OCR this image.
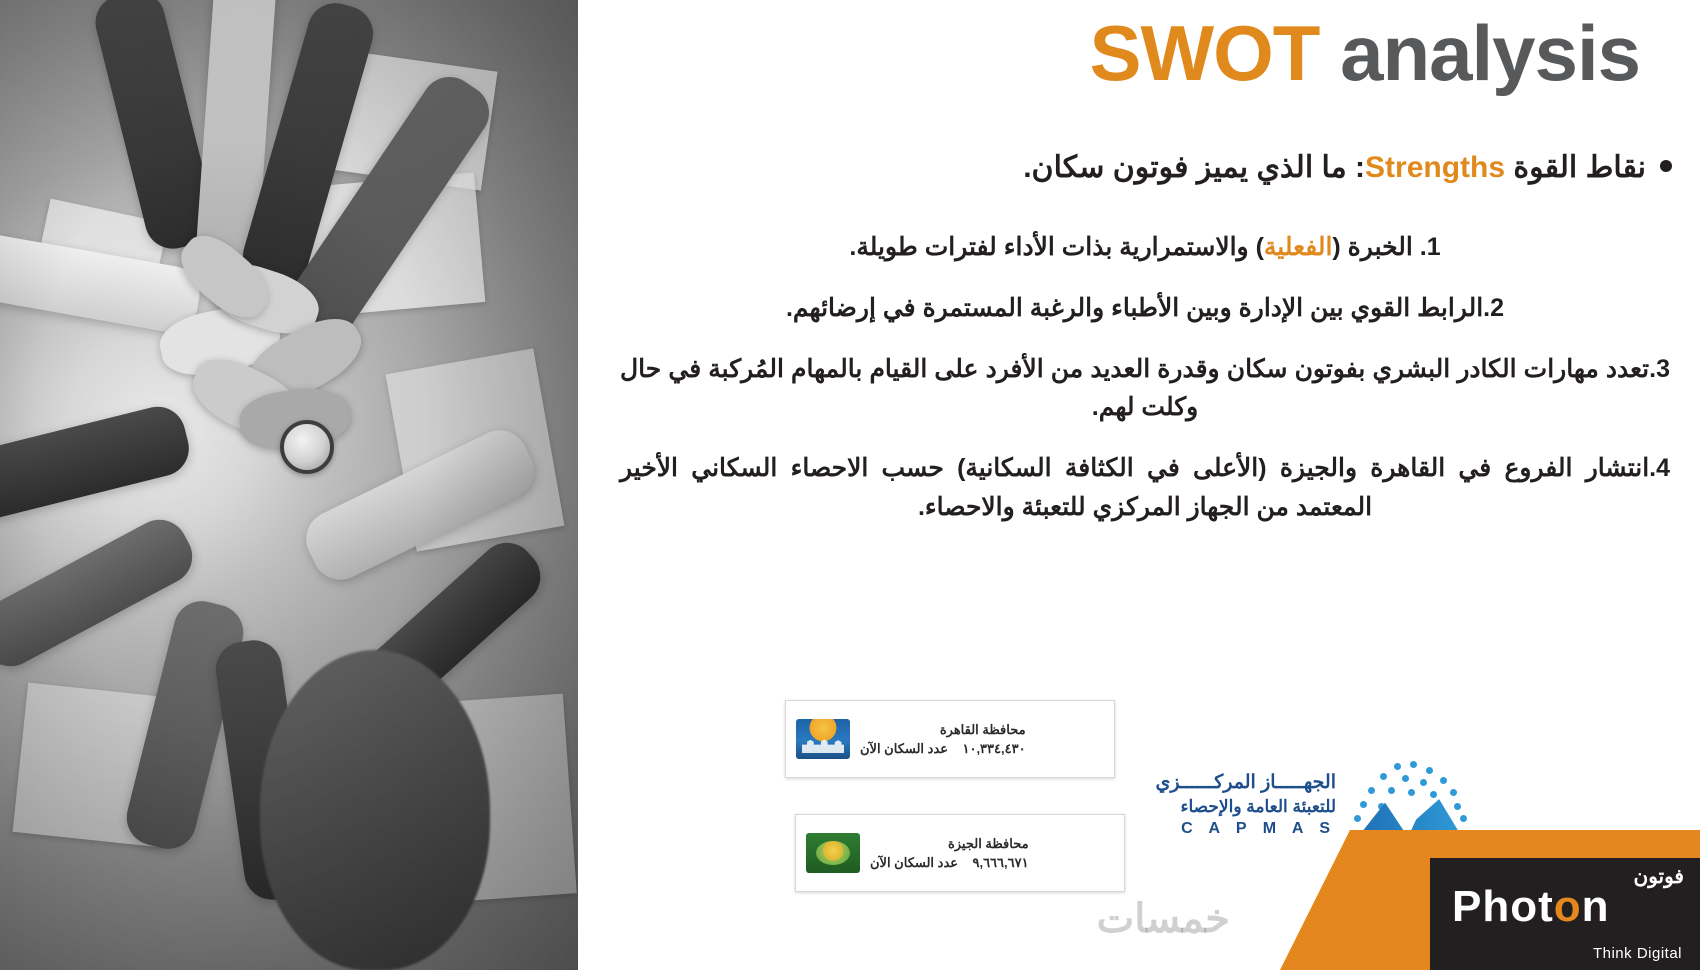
SWOT analysis
نقاط القوة Strengths: ما الذي يميز فوتون سكان.
1. الخبرة (الفعلية) والاستمرارية بذات الأداء لفترات طويلة.
2.الرابط القوي بين الإدارة وبين الأطباء والرغبة المستمرة في إرضائهم.
3.تعدد مهارات الكادر البشري بفوتون سكان وقدرة العديد من الأفرد على القيام بالمهام المُركبة في حال وكلت لهم.
4.انتشار الفروع في القاهرة والجيزة (الأعلى في الكثافة السكانية) حسب الاحصاء السكاني الأخير المعتمد من الجهاز المركزي للتعبئة والاحصاء.
محافظة القاهرة
١٠,٣٣٤,٤٣٠    عدد السكان الآن
محافظة الجيزة
٩,٦٦٦,٦٧١    عدد السكان الآن
الجهـــــاز المركــــــزي
للتعبئة العامة والإحصاء
C A P M A S
خمسات
فوتون
Photon
Think Digital
